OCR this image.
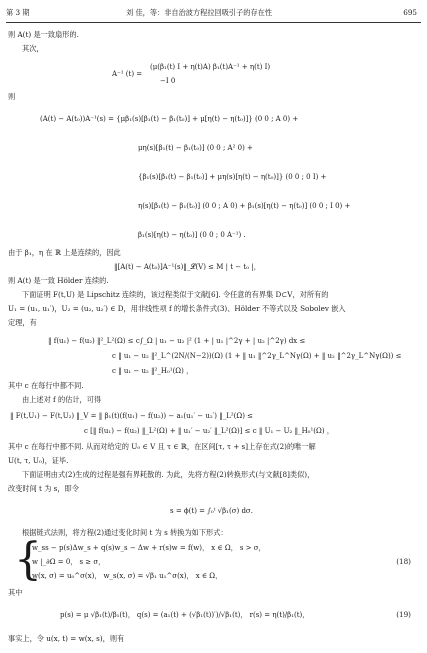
第 3 期	刘 佳，等：非自治波方程拉回吸引子的存在性	695
则 A(t) 是一致扇形的.
其次，
A⁻¹ (t) =
(μ(β₁(t) I + η(t)A) β₁(t)A⁻¹ + η(t) I)
−I 0
则
(A(t) − A(t₀))A⁻¹(s) = {μβ₁(s)[β₁(t) − β₁(t₀)] + μ[η(t) − η(t₀)]} (0 0 ; A 0) +
μη(s)[β₁(t) − β₁(t₀)] (0 0 ; A² 0) +
{β₁(s)[β₁(t) − β₁(t₀)] + μη(s)[η(t) − η(t₀)]} (0 0 ; 0 I) +
η(s)[β₁(t) − β₁(t₀)] (0 0 ; A 0) + β₁(s)[η(t) − η(t₀)] (0 0 ; I 0) +
β₁(s)[η(t) − η(t₀)] (0 0 ; 0 A⁻¹) .
由于 β₁，η 在 ℝ 上是连续的，因此
‖[A(t) − A(t₀)]A⁻¹(s)‖_𝓛(V) ≤ M | t − t₀ |，
则 A(t) 是一致 Hölder 连续的.
下面证明 F(t,U) 是 Lipschitz 连续的，该过程类似于文献[6]. 令任意的有界集 D⊂V，对所有的
U₁ = (u₁, u₁′)，U₂ = (u₂, u₂′) ∈ D，用非线性项 f 的增长条件式(3)、Hölder 不等式以及 Sobolev 嵌入
定理，有
‖ f(u₁) − f(u₂) ‖²_L²(Ω) ≤ c∫_Ω | u₁ − u₂ |² (1 + | u₁ |^2γ + | u₂ |^2γ) dx ≤
c ‖ u₁ − u₂ ‖²_L^(2N/(N−2))(Ω) (1 + ‖ u₁ ‖^2γ_L^Nγ(Ω) + ‖ u₂ ‖^2γ_L^Nγ(Ω)) ≤
c ‖ u₁ − u₂ ‖²_H₀¹(Ω) ，
其中 c 在每行中都不同.
由上述对 f 的估计，可得
‖ F(t,U₁) − F(t,U₂) ‖_V = ‖ β₁(t)(f(u₁) − f(u₂)) − a₁(u₁′ − u₂′) ‖_L²(Ω) ≤
c [‖ f(u₁) − f(u₂) ‖_L²(Ω) + ‖ u₁′ − u₂′ ‖_L²(Ω)] ≤ c ‖ U₁ − U₂ ‖_H₀¹(Ω) ，
其中 c 在每行中都不同. 从而对给定的 U₀ ∈ V 且 τ ∈ ℝ，在区间[τ, τ + s]上存在式(2)的唯一解
U(t, τ, U₀)，证毕.
下面证明由式(2)生成的过程是强有界耗散的. 为此，先将方程(2)转换形式(与文献[8]类似)，
改变时间 t 为 s，即令
s = ϕ(t) = ∫₀ᵗ √β₁(σ) dσ.
根据链式法则，将方程(2)通过变化时间 t 为 s 转换为如下形式：
{
w_ss − p(s)Δw_s + q(s)w_s − Δw + r(s)w = f(w)， x ∈ Ω， s > σ，
w |_∂Ω = 0， s ≥ σ，
w(x, σ) = u₀^σ(x)， w_s(x, σ) = √β₁ u₁^σ(x)， x ∈ Ω，
(18)
其中
p(s) = μ √β₁(t)/β₁(t)， q(s) = (a₁(t) + (√β₁(t))′)/√β₁(t)， r(s) = η(t)/β₁(t)，	(19)
事实上，令 u(x, t) = w(x, s)，则有
